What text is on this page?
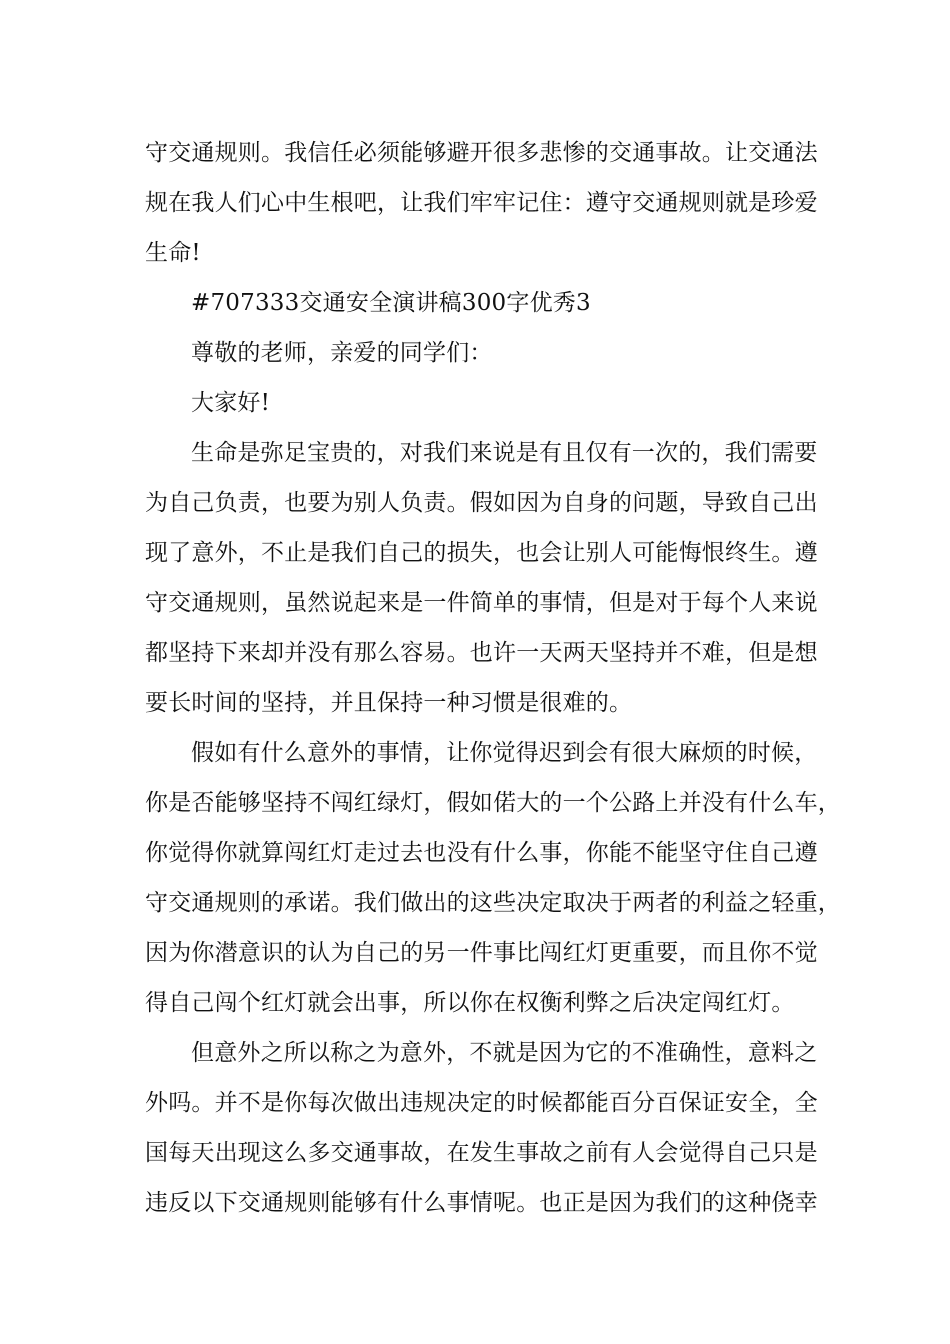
守交通规则。我信任必须能够避开很多悲惨的交通事故。让交通法
规在我人们心中生根吧，让我们牢牢记住：遵守交通规则就是珍爱
生命!
#707333交通安全演讲稿300字优秀3
尊敬的老师，亲爱的同学们：
大家好!
生命是弥足宝贵的，对我们来说是有且仅有一次的，我们需要
为自己负责，也要为别人负责。假如因为自身的问题，导致自己出
现了意外，不止是我们自己的损失，也会让别人可能悔恨终生。遵
守交通规则，虽然说起来是一件简单的事情，但是对于每个人来说
都坚持下来却并没有那么容易。也许一天两天坚持并不难，但是想
要长时间的坚持，并且保持一种习惯是很难的。
假如有什么意外的事情，让你觉得迟到会有很大麻烦的时候，
你是否能够坚持不闯红绿灯，假如偌大的一个公路上并没有什么车，
你觉得你就算闯红灯走过去也没有什么事，你能不能坚守住自己遵
守交通规则的承诺。我们做出的这些决定取决于两者的利益之轻重，
因为你潜意识的认为自己的另一件事比闯红灯更重要，而且你不觉
得自己闯个红灯就会出事，所以你在权衡利弊之后决定闯红灯。
但意外之所以称之为意外，不就是因为它的不准确性，意料之
外吗。并不是你每次做出违规决定的时候都能百分百保证安全，全
国每天出现这么多交通事故，在发生事故之前有人会觉得自己只是
违反以下交通规则能够有什么事情呢。也正是因为我们的这种侥幸
